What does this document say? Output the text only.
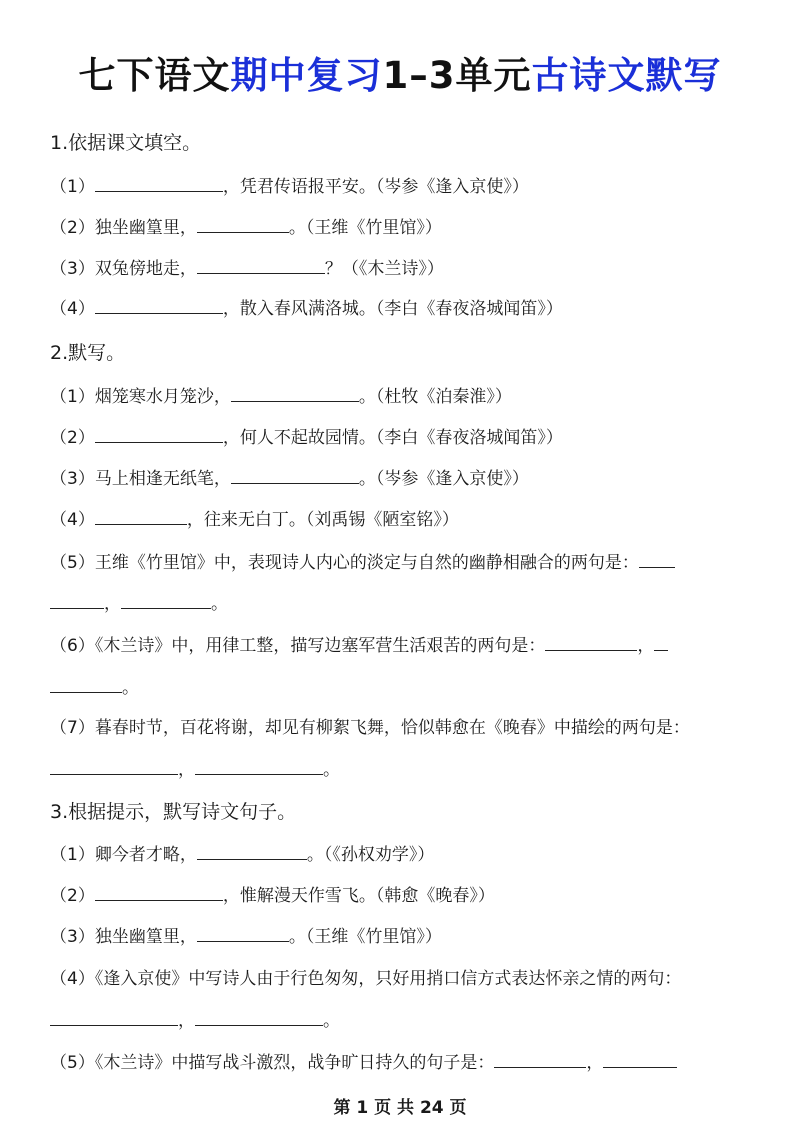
七下语文期中复习1–3单元古诗文默写
1.依据课文填空。
（1）	，凭君传语报平安。（岑参《逢入京使》）
（2）独坐幽篁里，	。（王维《竹里馆》）
（3）双兔傍地走，	？（《木兰诗》）
（4）	，散入春风满洛城。（李白《春夜洛城闻笛》）
2.默写。
（1）烟笼寒水月笼沙，	。（杜牧《泊秦淮》）
（2）	，何人不起故园情。（李白《春夜洛城闻笛》）
（3）马上相逢无纸笔，	。（岑参《逢入京使》）
（4）	，往来无白丁。（刘禹锡《陋室铭》）
（5）王维《竹里馆》中，表现诗人内心的淡定与自然的幽静相融合的两句是：
，	。
（6）《木兰诗》中，用律工整，描写边塞军营生活艰苦的两句是：	，
。
（7）暮春时节，百花将谢，却见有柳絮飞舞，恰似韩愈在《晚春》中描绘的两句是：
，	。
3.根据提示，默写诗文句子。
（1）卿今者才略，	。（《孙权劝学》）
（2）	，惟解漫天作雪飞。（韩愈《晚春》）
（3）独坐幽篁里，	。（王维《竹里馆》）
（4）《逢入京使》中写诗人由于行色匆匆，只好用捎口信方式表达怀亲之情的两句：
，	。
（5）《木兰诗》中描写战斗激烈，战争旷日持久的句子是：	，
第 1 页 共 24 页
